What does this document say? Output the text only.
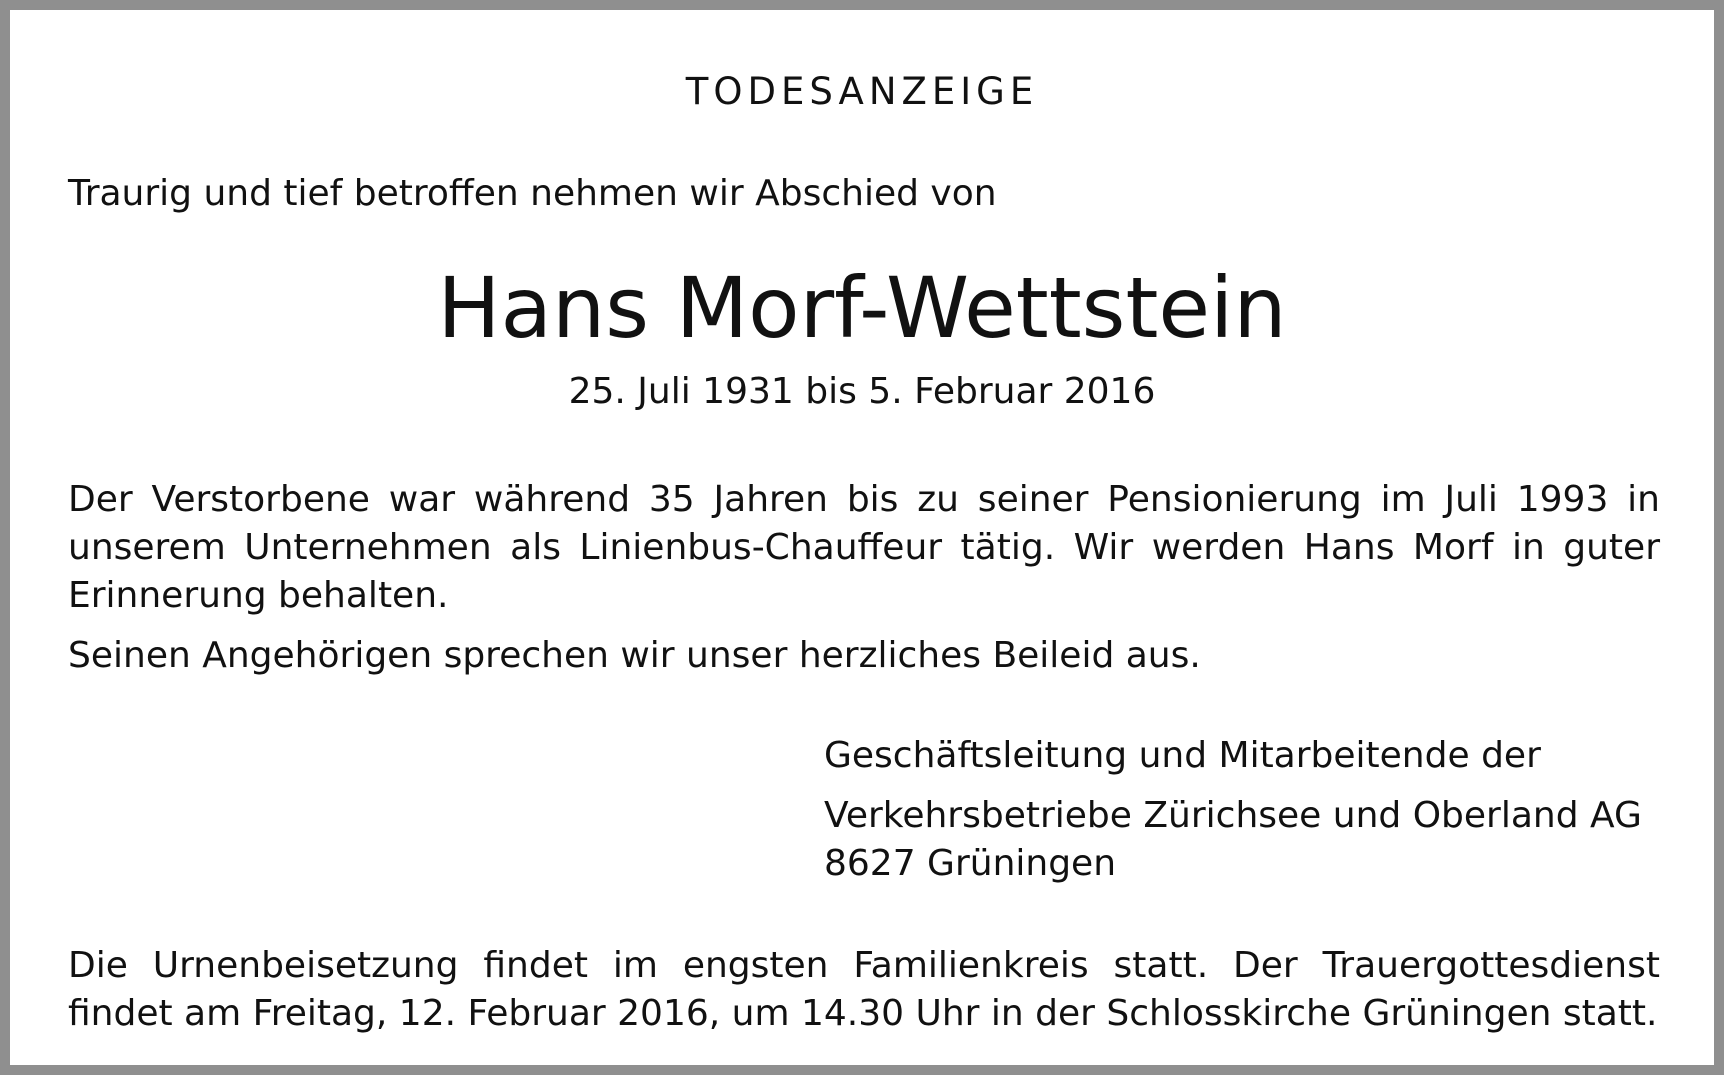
TODESANZEIGE
Traurig und tief betroffen nehmen wir Abschied von
Hans Morf-Wettstein
25. Juli 1931 bis 5. Februar 2016

Der Verstorbene war während 35 Jahren bis zu seiner Pensionierung im Juli 1993 in unserem Unternehmen als Linienbus-Chauffeur tätig. Wir werden Hans Morf in guter Erinnerung behalten.

Seinen Angehörigen sprechen wir unser herzliches Beileid aus.

Geschäftsleitung und Mitarbeitende der
Verkehrsbetriebe Zürichsee und Oberland AG
8627 Grüningen

Die Urnenbeisetzung findet im engsten Familienkreis statt. Der Trauergottesdienst findet am Freitag, 12. Februar 2016, um 14.30 Uhr in der Schlosskirche Grüningen statt.
